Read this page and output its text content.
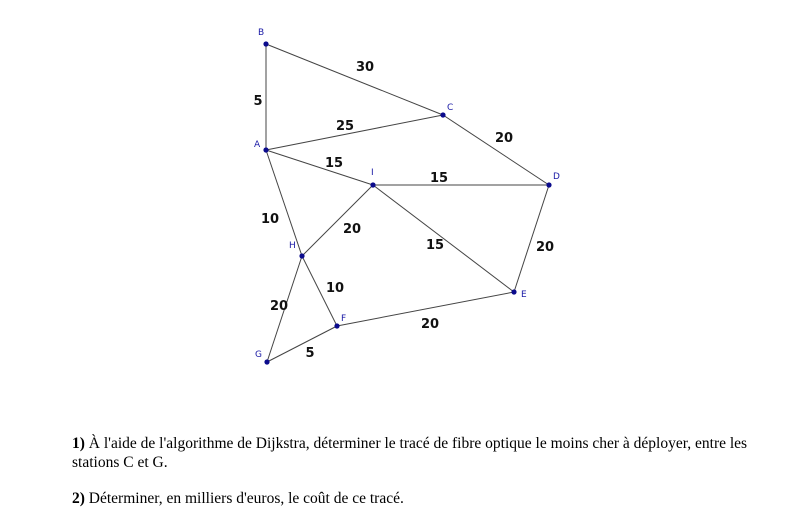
5
30
25
20
15
15
10
20
15	20
10
20
20
5
A
B
C
D
E
F
G
H
I

1) À l'aide de l'algorithme de Dijkstra, déterminer le tracé de fibre optique le moins cher à déployer, entre les stations C et G.

2) Déterminer, en milliers d'euros, le coût de ce tracé.
